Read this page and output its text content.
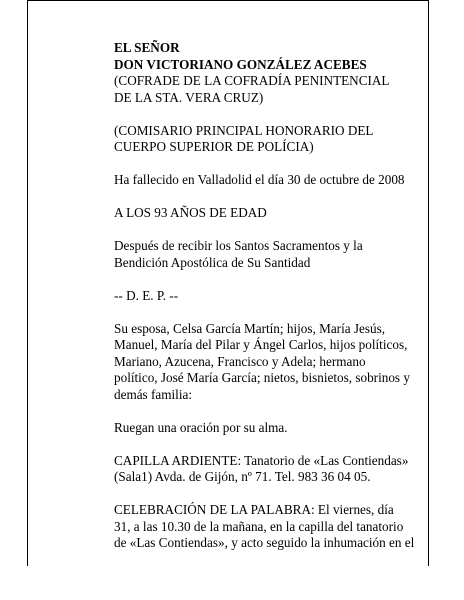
EL SEÑOR
DON VICTORIANO GONZÁLEZ ACEBES
(COFRADE DE LA COFRADÍA PENINTENCIAL
DE LA STA. VERA CRUZ)

(COMISARIO PRINCIPAL HONORARIO DEL
CUERPO SUPERIOR DE POLÍCIA)

Ha fallecido en Valladolid el día 30 de octubre de 2008

A LOS 93 AÑOS DE EDAD

Después de recibir los Santos Sacramentos y la
Bendición Apostólica de Su Santidad

-- D. E. P. --

Su esposa, Celsa García Martín; hijos, María Jesús,
Manuel, María del Pilar y Ángel Carlos, hijos políticos,
Mariano, Azucena, Francisco y Adela; hermano
político, José María García; nietos, bisnietos, sobrinos y
demás familia:

Ruegan una oración por su alma.

CAPILLA ARDIENTE: Tanatorio de «Las Contiendas»
(Sala1) Avda. de Gijón, nº 71. Tel. 983 36 04 05.

CELEBRACIÓN DE LA PALABRA: El viernes, día
31, a las 10.30 de la mañana, en la capilla del tanatorio
de «Las Contiendas», y acto seguido la inhumación en el
